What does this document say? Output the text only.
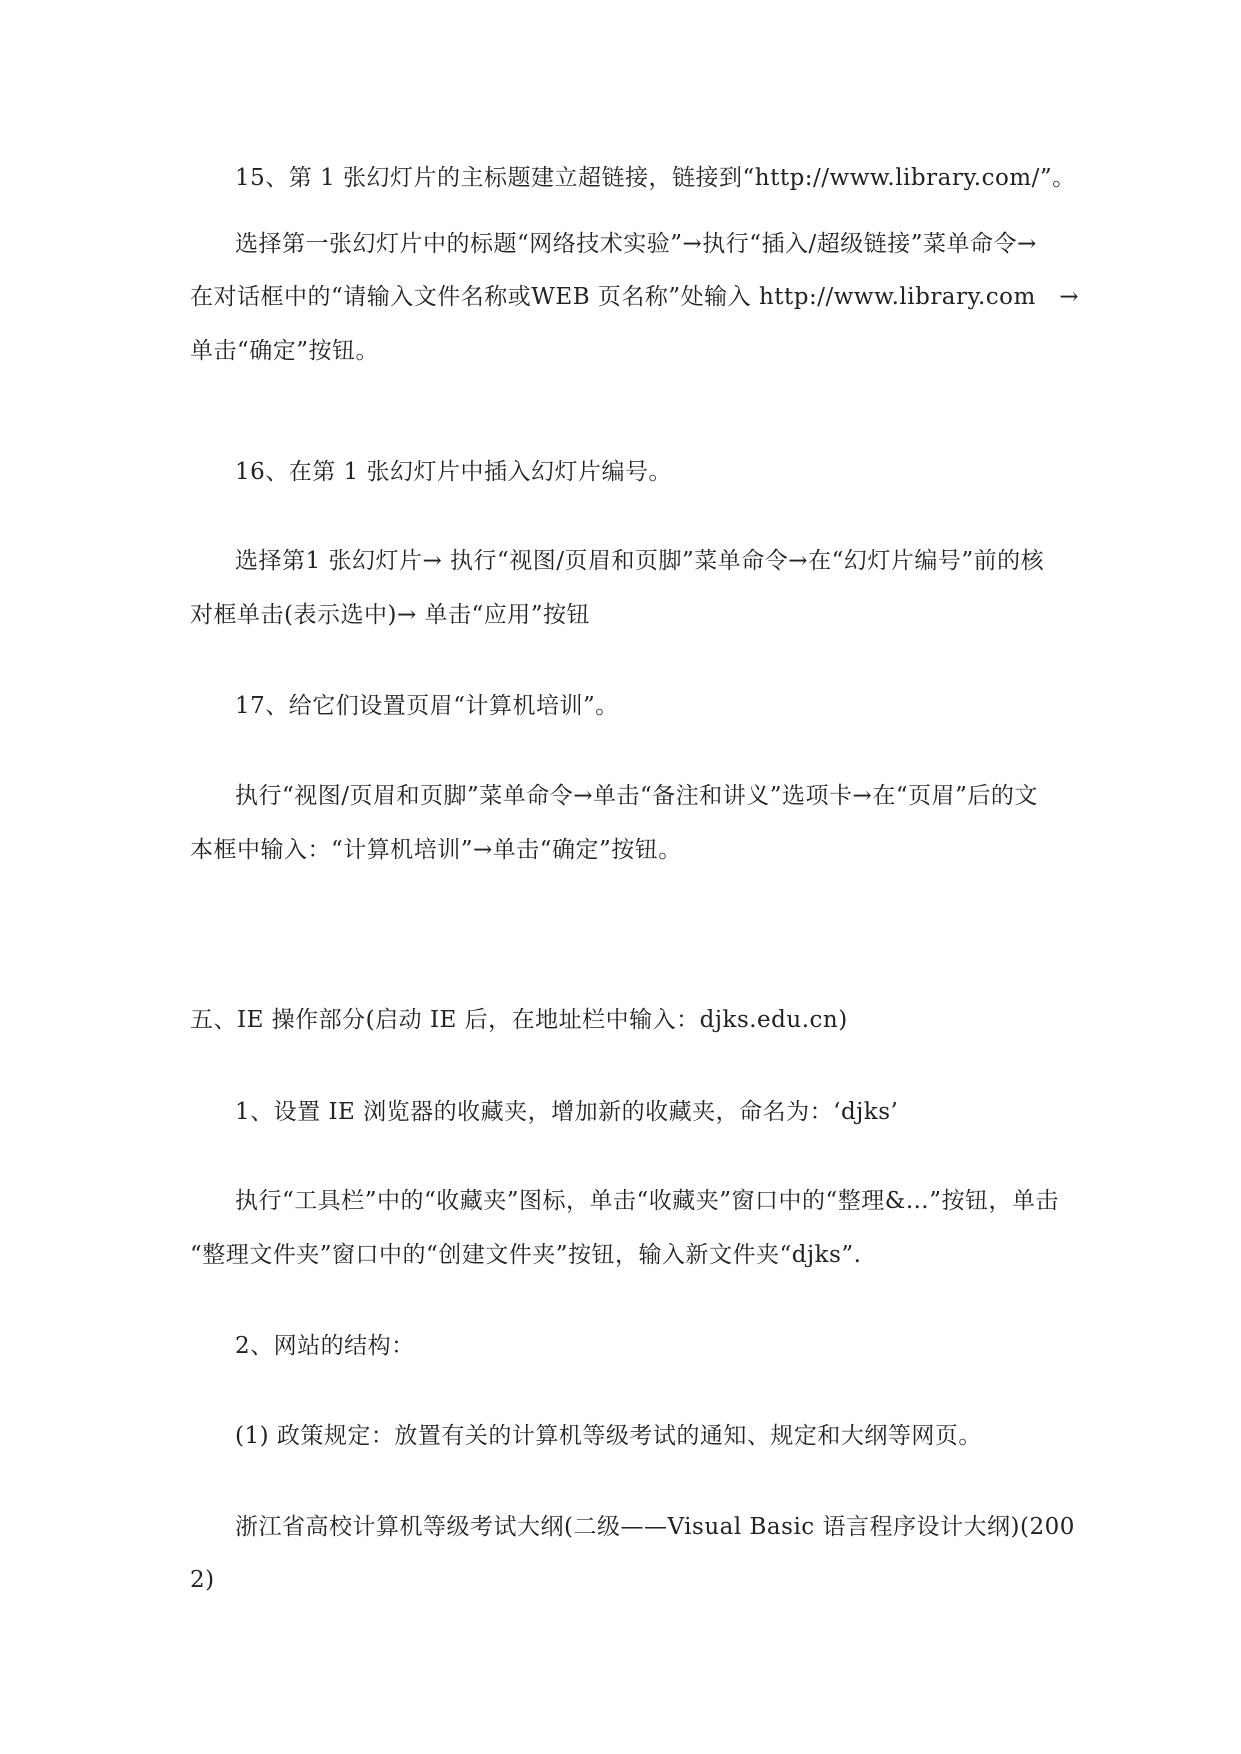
15、第 1 张幻灯片的主标题建立超链接，链接到“http://www.library.com/”。
选择第一张幻灯片中的标题“网络技术实验”→执行“插入/超级链接”菜单命令→
在对话框中的“请输入文件名称或WEB 页名称”处输入 http://www.library.com　→
单击“确定”按钮。
16、在第 1 张幻灯片中插入幻灯片编号。
选择第1 张幻灯片→ 执行“视图/页眉和页脚”菜单命令→在“幻灯片编号”前的核
对框单击(表示选中)→ 单击“应用”按钮
17、给它们设置页眉“计算机培训”。
执行“视图/页眉和页脚”菜单命令→单击“备注和讲义”选项卡→在“页眉”后的文
本框中输入：“计算机培训”→单击“确定”按钮。
五、IE 操作部分(启动 IE 后，在地址栏中输入：djks.edu.cn)
1、设置 IE 浏览器的收藏夹，增加新的收藏夹，命名为：‘djks’
执行“工具栏”中的“收藏夹”图标，单击“收藏夹”窗口中的“整理&…”按钮，单击
“整理文件夹”窗口中的“创建文件夹”按钮，输入新文件夹“djks”.
2、网站的结构：
(1) 政策规定：放置有关的计算机等级考试的通知、规定和大纲等网页。
浙江省高校计算机等级考试大纲(二级——Visual Basic 语言程序设计大纲)(200
2)
